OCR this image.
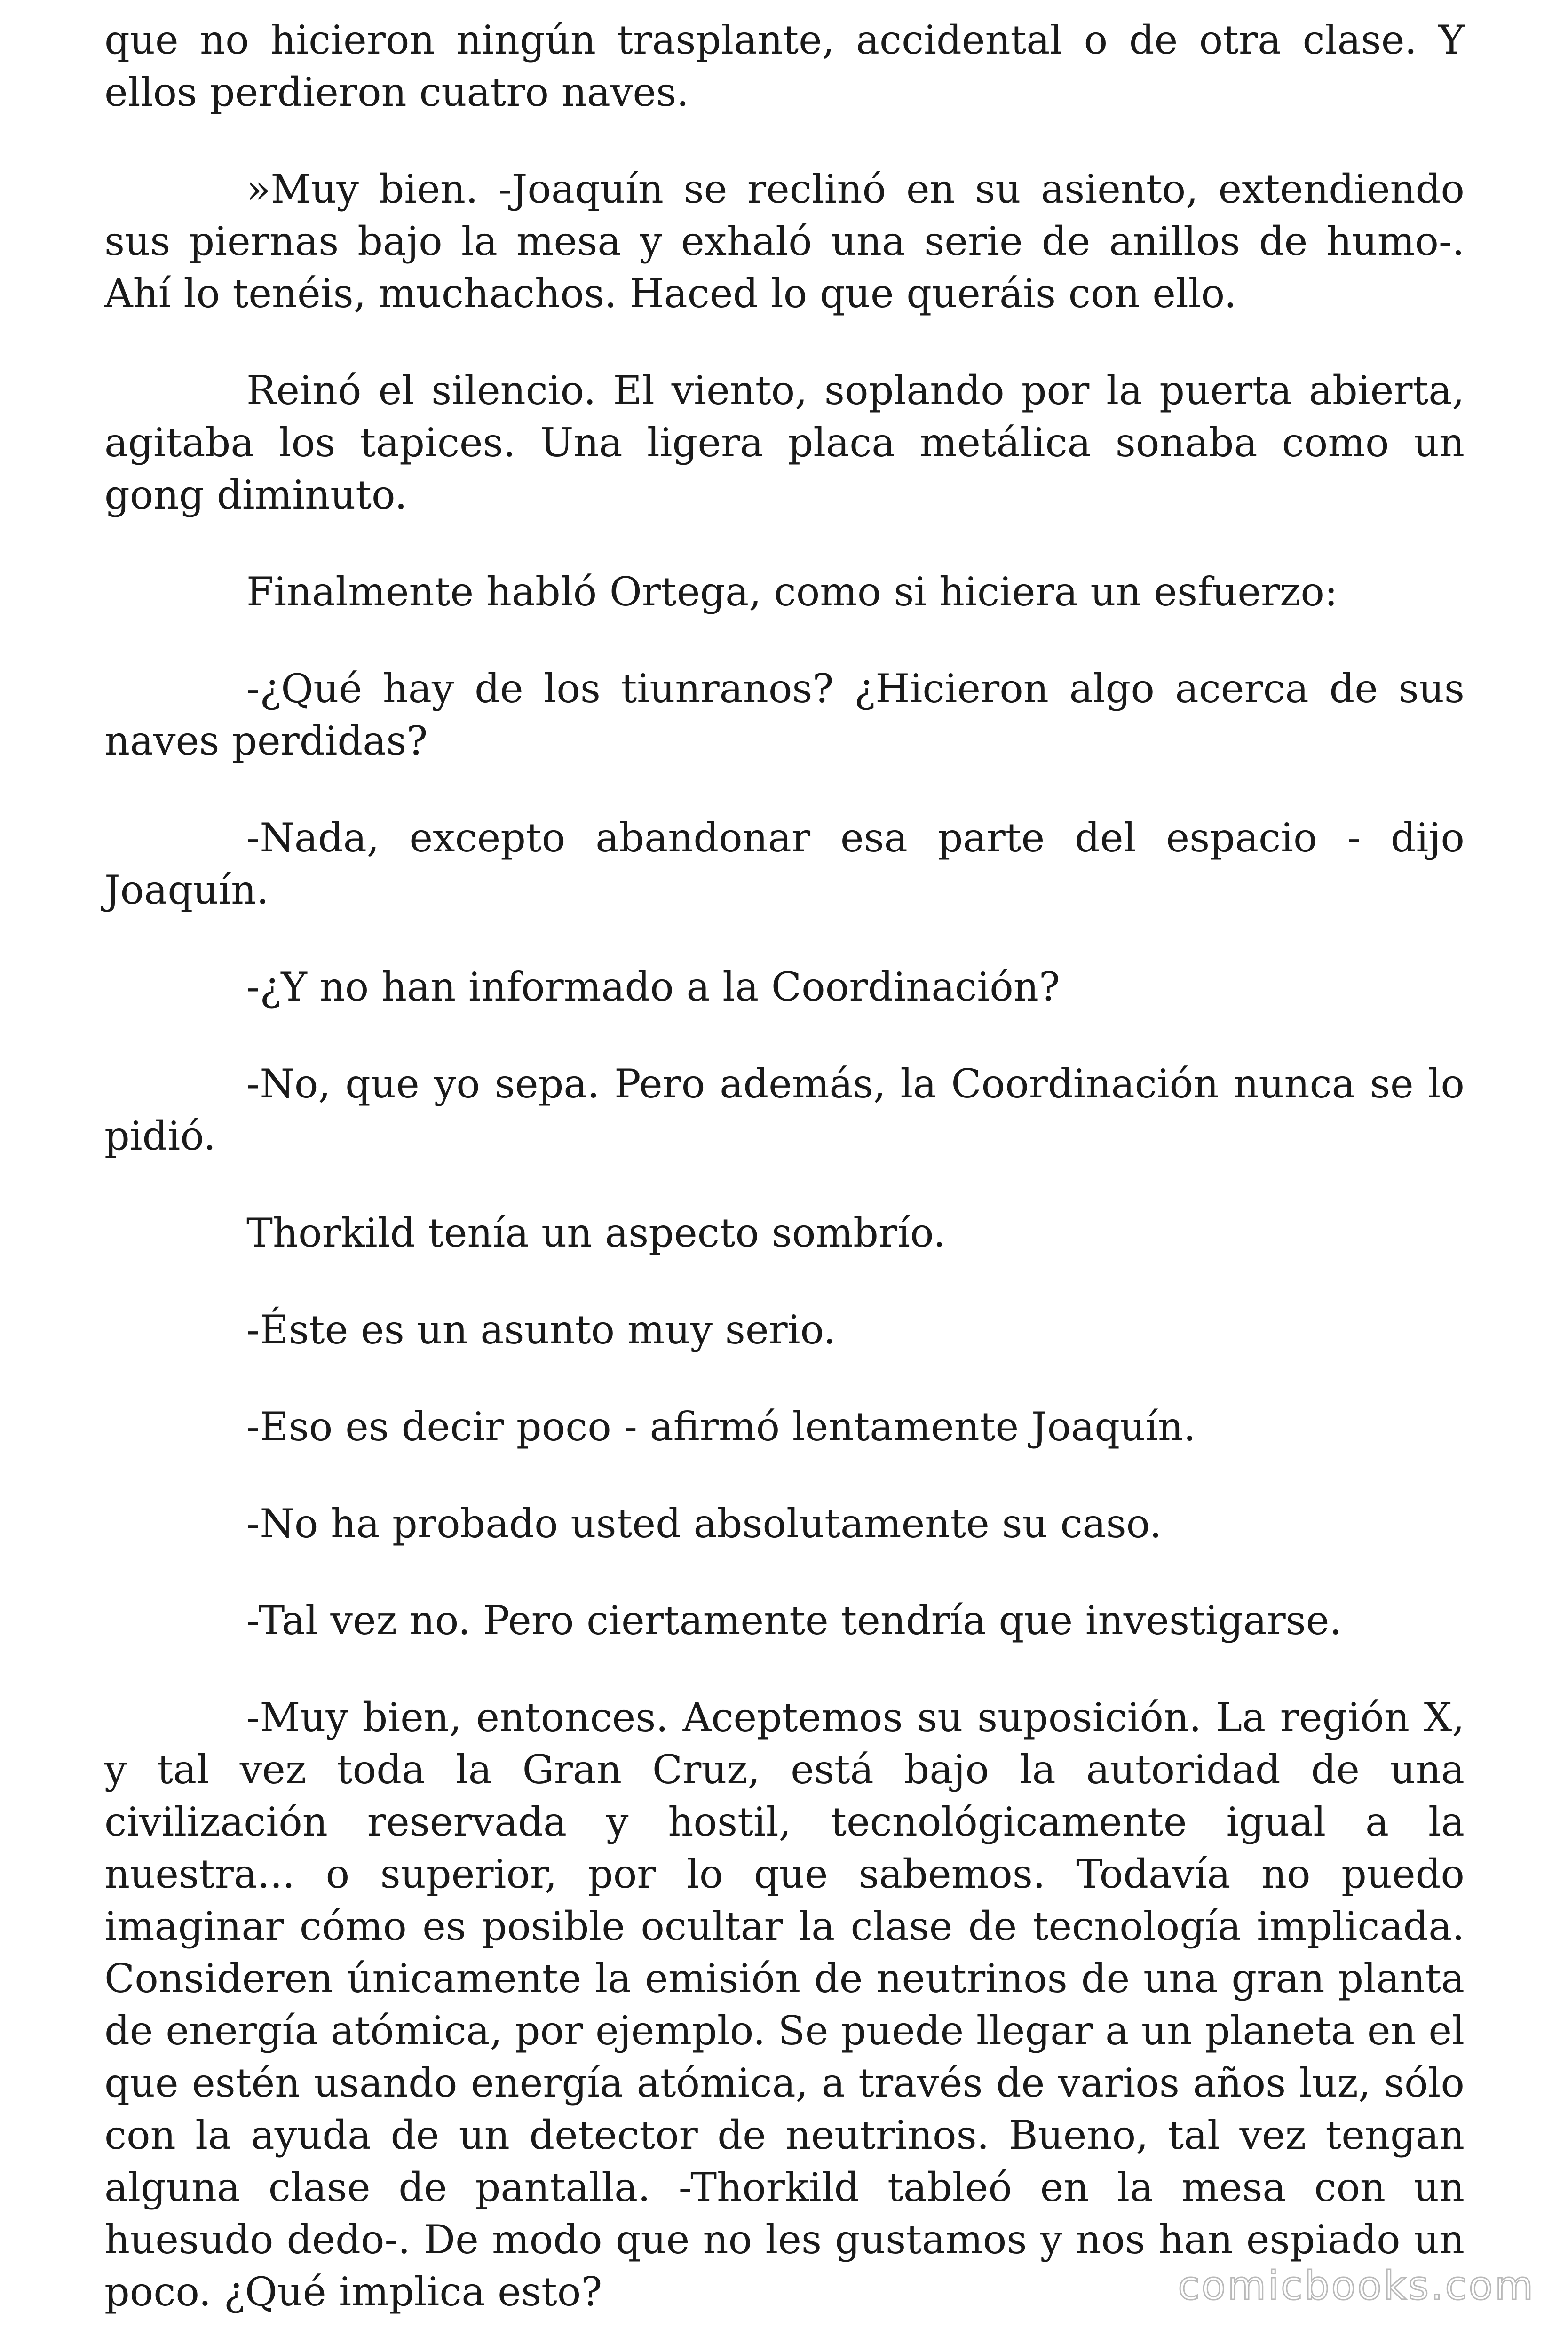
que no hicieron ningún trasplante, accidental o de otra clase. Y ellos perdieron cuatro naves.

»Muy bien. -Joaquín se reclinó en su asiento, extendiendo sus piernas bajo la mesa y exhaló una serie de anillos de humo-. Ahí lo tenéis, muchachos. Haced lo que queráis con ello.

Reinó el silencio. El viento, soplando por la puerta abierta, agitaba los tapices. Una ligera placa metálica sonaba como un gong diminuto.

Finalmente habló Ortega, como si hiciera un esfuerzo:

-¿Qué hay de los tiunranos? ¿Hicieron algo acerca de sus naves perdidas?

-Nada, excepto abandonar esa parte del espacio - dijo Joaquín.

-¿Y no han informado a la Coordinación?

-No, que yo sepa. Pero además, la Coordinación nunca se lo pidió.

Thorkild tenía un aspecto sombrío.

-Éste es un asunto muy serio.

-Eso es decir poco - afirmó lentamente Joaquín.

-No ha probado usted absolutamente su caso.

-Tal vez no. Pero ciertamente tendría que investigarse.

-Muy bien, entonces. Aceptemos su suposición. La región X, y tal vez toda la Gran Cruz, está bajo la autoridad de una civilización reservada y hostil, tecnológicamente igual a la nuestra... o superior, por lo que sabemos. Todavía no puedo imaginar cómo es posible ocultar la clase de tecnología implicada. Consideren únicamente la emisión de neutrinos de una gran planta de energía atómica, por ejemplo. Se puede llegar a un planeta en el que estén usando energía atómica, a través de varios años luz, sólo con la ayuda de un detector de neutrinos. Bueno, tal vez tengan alguna clase de pantalla. -Thorkild tableó en la mesa con un huesudo dedo-. De modo que no les gustamos y nos han espiado un poco. ¿Qué implica esto?	comicbooks.com
